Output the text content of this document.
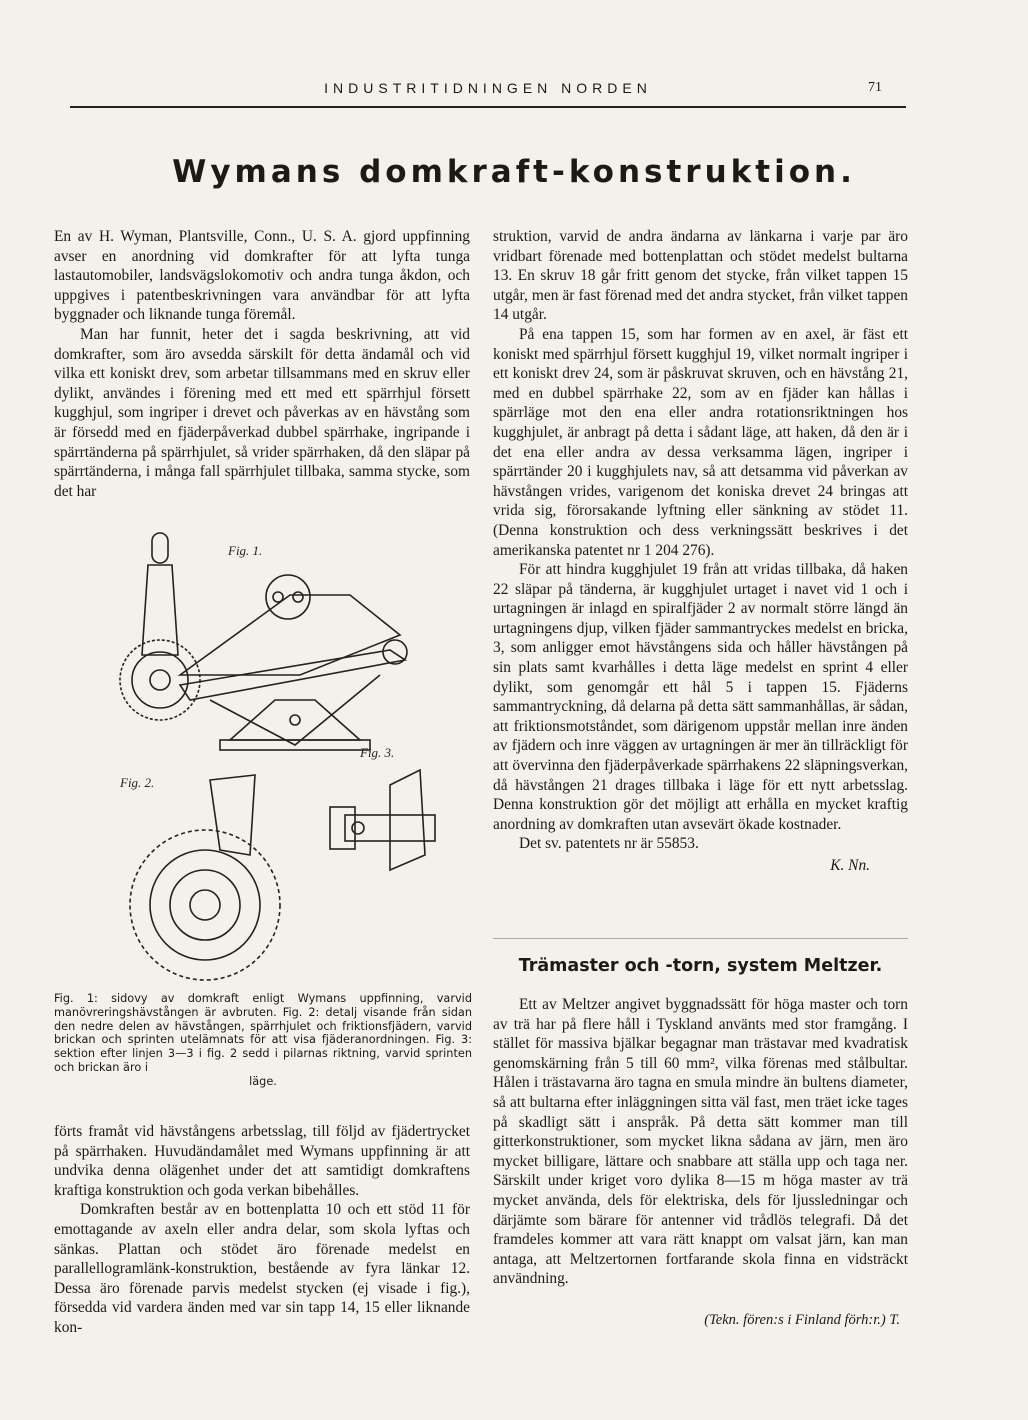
INDUSTRITIDNINGEN NORDEN	71
Wymans domkraft-konstruktion.

En av H. Wyman, Plantsville, Conn., U. S. A. gjord uppfinning avser en anordning vid domkrafter för att lyfta tunga lastautomobiler, landsvägslokomotiv och andra tunga åkdon, och uppgives i patentbeskrivningen vara användbar för att lyfta byggnader och liknande tunga föremål.

Man har funnit, heter det i sagda beskrivning, att vid domkrafter, som äro avsedda särskilt för detta ändamål och vid vilka ett koniskt drev, som arbetar tillsammans med en skruv eller dylikt, användes i förening med ett med ett spärrhjul försett kugghjul, som ingriper i drevet och påverkas av en hävstång som är försedd med en fjäderpåverkad dubbel spärrhake, ingripande i spärrtänderna på spärrhjulet, så vrider spärrhaken, då den släpar på spärrtänderna, i många fall spärrhjulet tillbaka, samma stycke, som det har

Fig. 1.
Fig. 2.
Fig. 3.
Fig. 1: sidovy av domkraft enligt Wymans uppfinning, varvid manövreringshävstången är avbruten. Fig. 2: detalj visande från sidan den nedre delen av hävstången, spärrhjulet och friktionsfjädern, varvid brickan och sprinten utelämnats för att visa fjäderanordningen. Fig. 3: sektion efter linjen 3—3 i fig. 2 sedd i pilarnas riktning, varvid sprinten och brickan äro i
läge.

förts framåt vid hävstångens arbetsslag, till följd av fjädertrycket på spärrhaken. Huvudändamålet med Wymans uppfinning är att undvika denna olägenhet under det att samtidigt domkraftens kraftiga konstruktion och goda verkan bibehålles.

Domkraften består av en bottenplatta 10 och ett stöd 11 för emottagande av axeln eller andra delar, som skola lyftas och sänkas. Plattan och stödet äro förenade medelst en parallellogramlänk-konstruktion, bestående av fyra länkar 12. Dessa äro förenade parvis medelst stycken (ej visade i fig.), försedda vid vardera änden med var sin tapp 14, 15 eller liknande kon-

struktion, varvid de andra ändarna av länkarna i varje par äro vridbart förenade med bottenplattan och stödet medelst bultarna 13. En skruv 18 går fritt genom det stycke, från vilket tappen 15 utgår, men är fast förenad med det andra stycket, från vilket tappen 14 utgår.

På ena tappen 15, som har formen av en axel, är fäst ett koniskt med spärrhjul försett kugghjul 19, vilket normalt ingriper i ett koniskt drev 24, som är påskruvat skruven, och en hävstång 21, med en dubbel spärrhake 22, som av en fjäder kan hållas i spärrläge mot den ena eller andra rotationsriktningen hos kugghjulet, är anbragt på detta i sådant läge, att haken, då den är i det ena eller andra av dessa verksamma lägen, ingriper i spärrtänder 20 i kugghjulets nav, så att detsamma vid påverkan av hävstången vrides, varigenom det koniska drevet 24 bringas att vrida sig, förorsakande lyftning eller sänkning av stödet 11. (Denna konstruktion och dess verkningssätt beskrives i det amerikanska patentet nr 1 204 276).

För att hindra kugghjulet 19 från att vridas tillbaka, då haken 22 släpar på tänderna, är kugghjulet urtaget i navet vid 1 och i urtagningen är inlagd en spiralfjäder 2 av normalt större längd än urtagningens djup, vilken fjäder sammantryckes medelst en bricka, 3, som anligger emot hävstångens sida och håller hävstången på sin plats samt kvarhålles i detta läge medelst en sprint 4 eller dylikt, som genomgår ett hål 5 i tappen 15. Fjäderns sammantryckning, då delarna på detta sätt sammanhållas, är sådan, att friktionsmotståndet, som därigenom uppstår mellan inre änden av fjädern och inre väggen av urtagningen är mer än tillräckligt för att övervinna den fjäderpåverkade spärrhakens 22 släpningsverkan, då hävstången 21 drages tillbaka i läge för ett nytt arbetsslag. Denna konstruktion gör det möjligt att erhålla en mycket kraftig anordning av domkraften utan avsevärt ökade kostnader.

Det sv. patentets nr är 55853.

K. Nn.

Trämaster och -torn, system Meltzer.

Ett av Meltzer angivet byggnadssätt för höga master och torn av trä har på flere håll i Tyskland använts med stor framgång. I stället för massiva bjälkar begagnar man trästavar med kvadratisk genomskärning från 5 till 60 mm², vilka förenas med stålbultar. Hålen i trästavarna äro tagna en smula mindre än bultens diameter, så att bultarna efter inläggningen sitta väl fast, men träet icke tages på skadligt sätt i anspråk. På detta sätt kommer man till gitterkonstruktioner, som mycket likna sådana av järn, men äro mycket billigare, lättare och snabbare att ställa upp och taga ner. Särskilt under kriget voro dylika 8—15 m höga master av trä mycket använda, dels för elektriska, dels för ljussledningar och därjämte som bärare för antenner vid trådlös telegrafi. Då det framdeles kommer att vara rätt knappt om valsat järn, kan man antaga, att Meltzertornen fortfarande skola finna en vidsträckt användning.

(Tekn. fören:s i Finland förh:r.) T.
